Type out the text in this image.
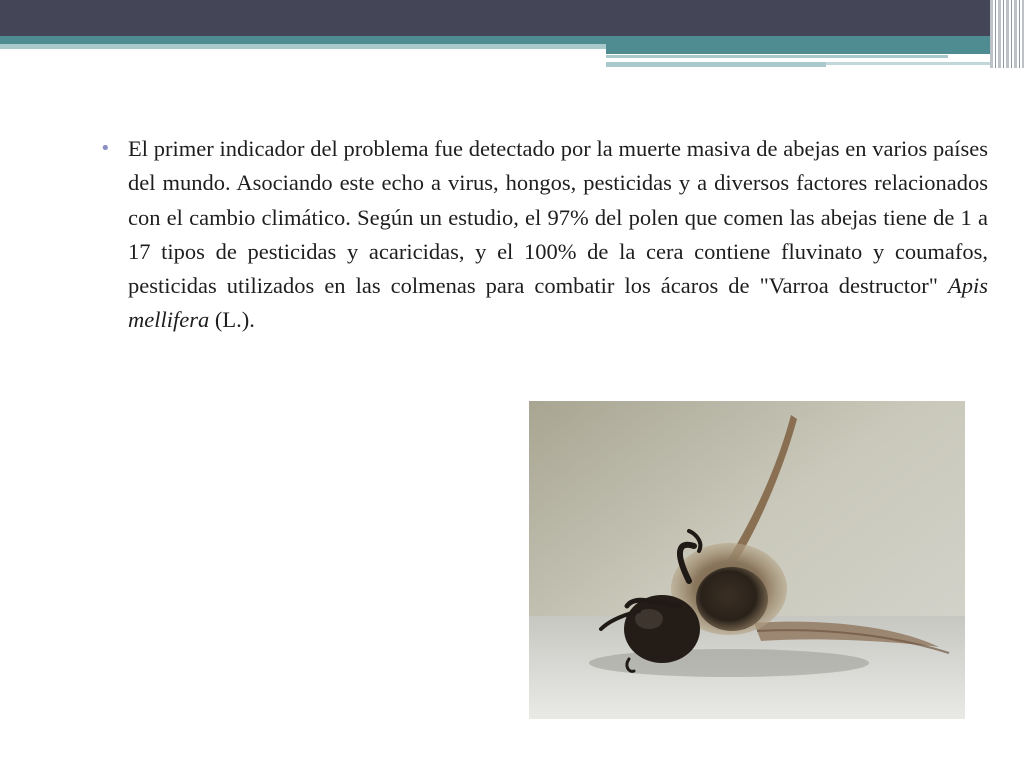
• El primer indicador del problema fue detectado por la muerte masiva de abejas en varios países del mundo. Asociando este echo a virus, hongos, pesticidas y a diversos factores relacionados con el cambio climático. Según un estudio, el 97% del polen que comen las abejas tiene de 1 a 17 tipos de pesticidas y acaricidas, y el 100% de la cera contiene fluvinato y coumafos, pesticidas utilizados en las colmenas para combatir los ácaros de "Varroa destructor" Apis mellifera (L.).
